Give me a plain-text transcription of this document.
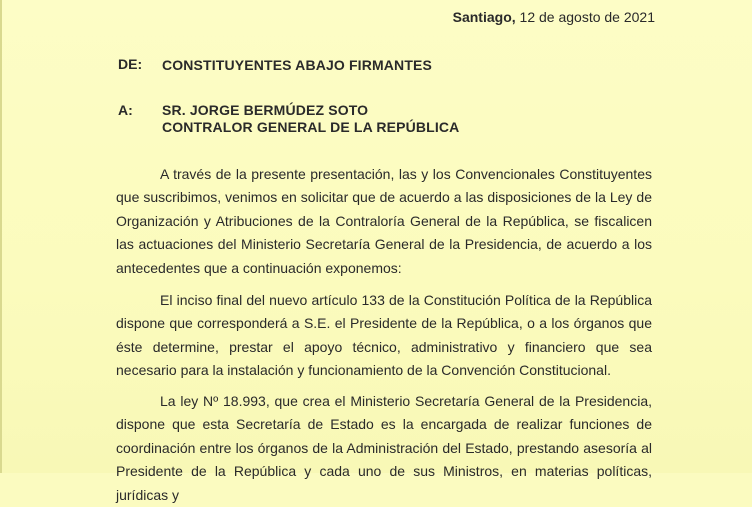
Santiago, 12 de agosto de 2021
DE: CONSTITUYENTES ABAJO FIRMANTES
A: SR. JORGE BERMÚDEZ SOTO
CONTRALOR GENERAL DE LA REPÚBLICA

A través de la presente presentación, las y los Convencionales Constituyentes que suscribimos, venimos en solicitar que de acuerdo a las disposiciones de la Ley de Organización y Atribuciones de la Contraloría General de la República, se fiscalicen las actuaciones del Ministerio Secretaría General de la Presidencia, de acuerdo a los antecedentes que a continuación exponemos:

El inciso final del nuevo artículo 133 de la Constitución Política de la República dispone que corresponderá a S.E. el Presidente de la República, o a los órganos que éste determine, prestar el apoyo técnico, administrativo y financiero que sea necesario para la instalación y funcionamiento de la Convención Constitucional.

La ley Nº 18.993, que crea el Ministerio Secretaría General de la Presidencia, dispone que esta Secretaría de Estado es la encargada de realizar funciones de coordinación entre los órganos de la Administración del Estado, prestando asesoría al Presidente de la República y cada uno de sus Ministros, en materias políticas, jurídicas y
